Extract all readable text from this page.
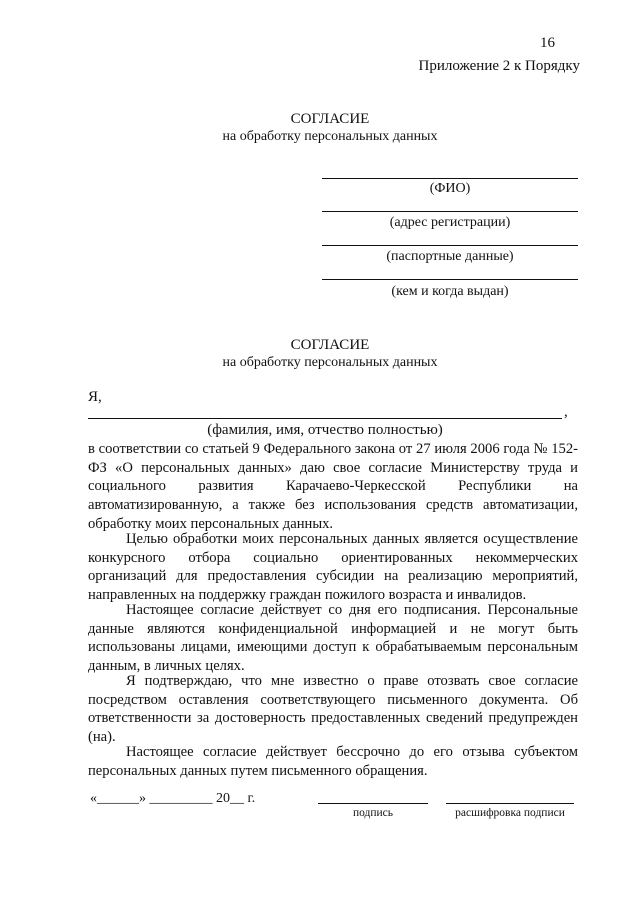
16
Приложение 2 к Порядку
СОГЛАСИЕ
на обработку персональных данных
(ФИО)
(адрес регистрации)
(паспортные данные)
(кем и когда выдан)
СОГЛАСИЕ
на обработку персональных данных
Я,
,
(фамилия, имя, отчество полностью)
в соответствии со статьей 9 Федерального закона от 27 июля 2006 года № 152-ФЗ «О персональных данных» даю свое согласие Министерству труда и социального развития Карачаево-Черкесской Республики на автоматизированную, а также без использования средств автоматизации, обработку моих персональных данных.
Целью обработки моих персональных данных является осуществление конкурсного отбора социально ориентированных некоммерческих организаций для предоставления субсидии на реализацию мероприятий, направленных на поддержку граждан пожилого возраста и инвалидов.
Настоящее согласие действует со дня его подписания. Персональные данные являются конфиденциальной информацией и не могут быть использованы лицами, имеющими доступ к обрабатываемым персональным данным, в личных целях.
Я подтверждаю, что мне известно о праве отозвать свое согласие посредством оставления соответствующего письменного документа. Об ответственности за достоверность предоставленных сведений предупрежден (на).
Настоящее согласие действует бессрочно до его отзыва субъектом персональных данных путем письменного обращения.
«______» _________ 20__ г.
подпись	расшифровка подписи
